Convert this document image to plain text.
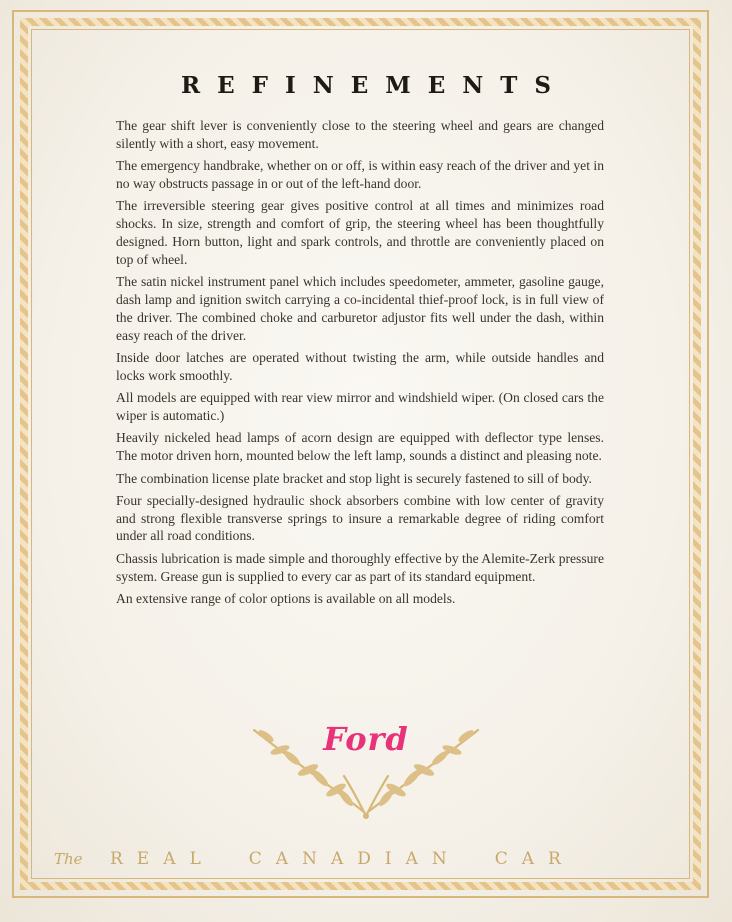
REFINEMENTS

The gear shift lever is conveniently close to the steering wheel and gears are changed silently with a short, easy movement.

The emergency handbrake, whether on or off, is within easy reach of the driver and yet in no way obstructs passage in or out of the left-hand door.

The irreversible steering gear gives positive control at all times and minimizes road shocks. In size, strength and comfort of grip, the steering wheel has been thoughtfully designed. Horn button, light and spark controls, and throttle are conveniently placed on top of wheel.

The satin nickel instrument panel which includes speedometer, ammeter, gasoline gauge, dash lamp and ignition switch carrying a co-incidental thief-proof lock, is in full view of the driver. The combined choke and carburetor adjustor fits well under the dash, within easy reach of the driver.

Inside door latches are operated without twisting the arm, while outside handles and locks work smoothly.

All models are equipped with rear view mirror and windshield wiper. (On closed cars the wiper is automatic.)

Heavily nickeled head lamps of acorn design are equipped with deflector type lenses. The motor driven horn, mounted below the left lamp, sounds a distinct and pleasing note.

The combination license plate bracket and stop light is securely fastened to sill of body.

Four specially-designed hydraulic shock absorbers combine with low center of gravity and strong flexible transverse springs to insure a remarkable degree of riding comfort under all road conditions.

Chassis lubrication is made simple and thoroughly effective by the Alemite-Zerk pressure system. Grease gun is supplied to every car as part of its standard equipment.

An extensive range of color options is available on all models.

Ford
The	REAL CANADIAN CAR
